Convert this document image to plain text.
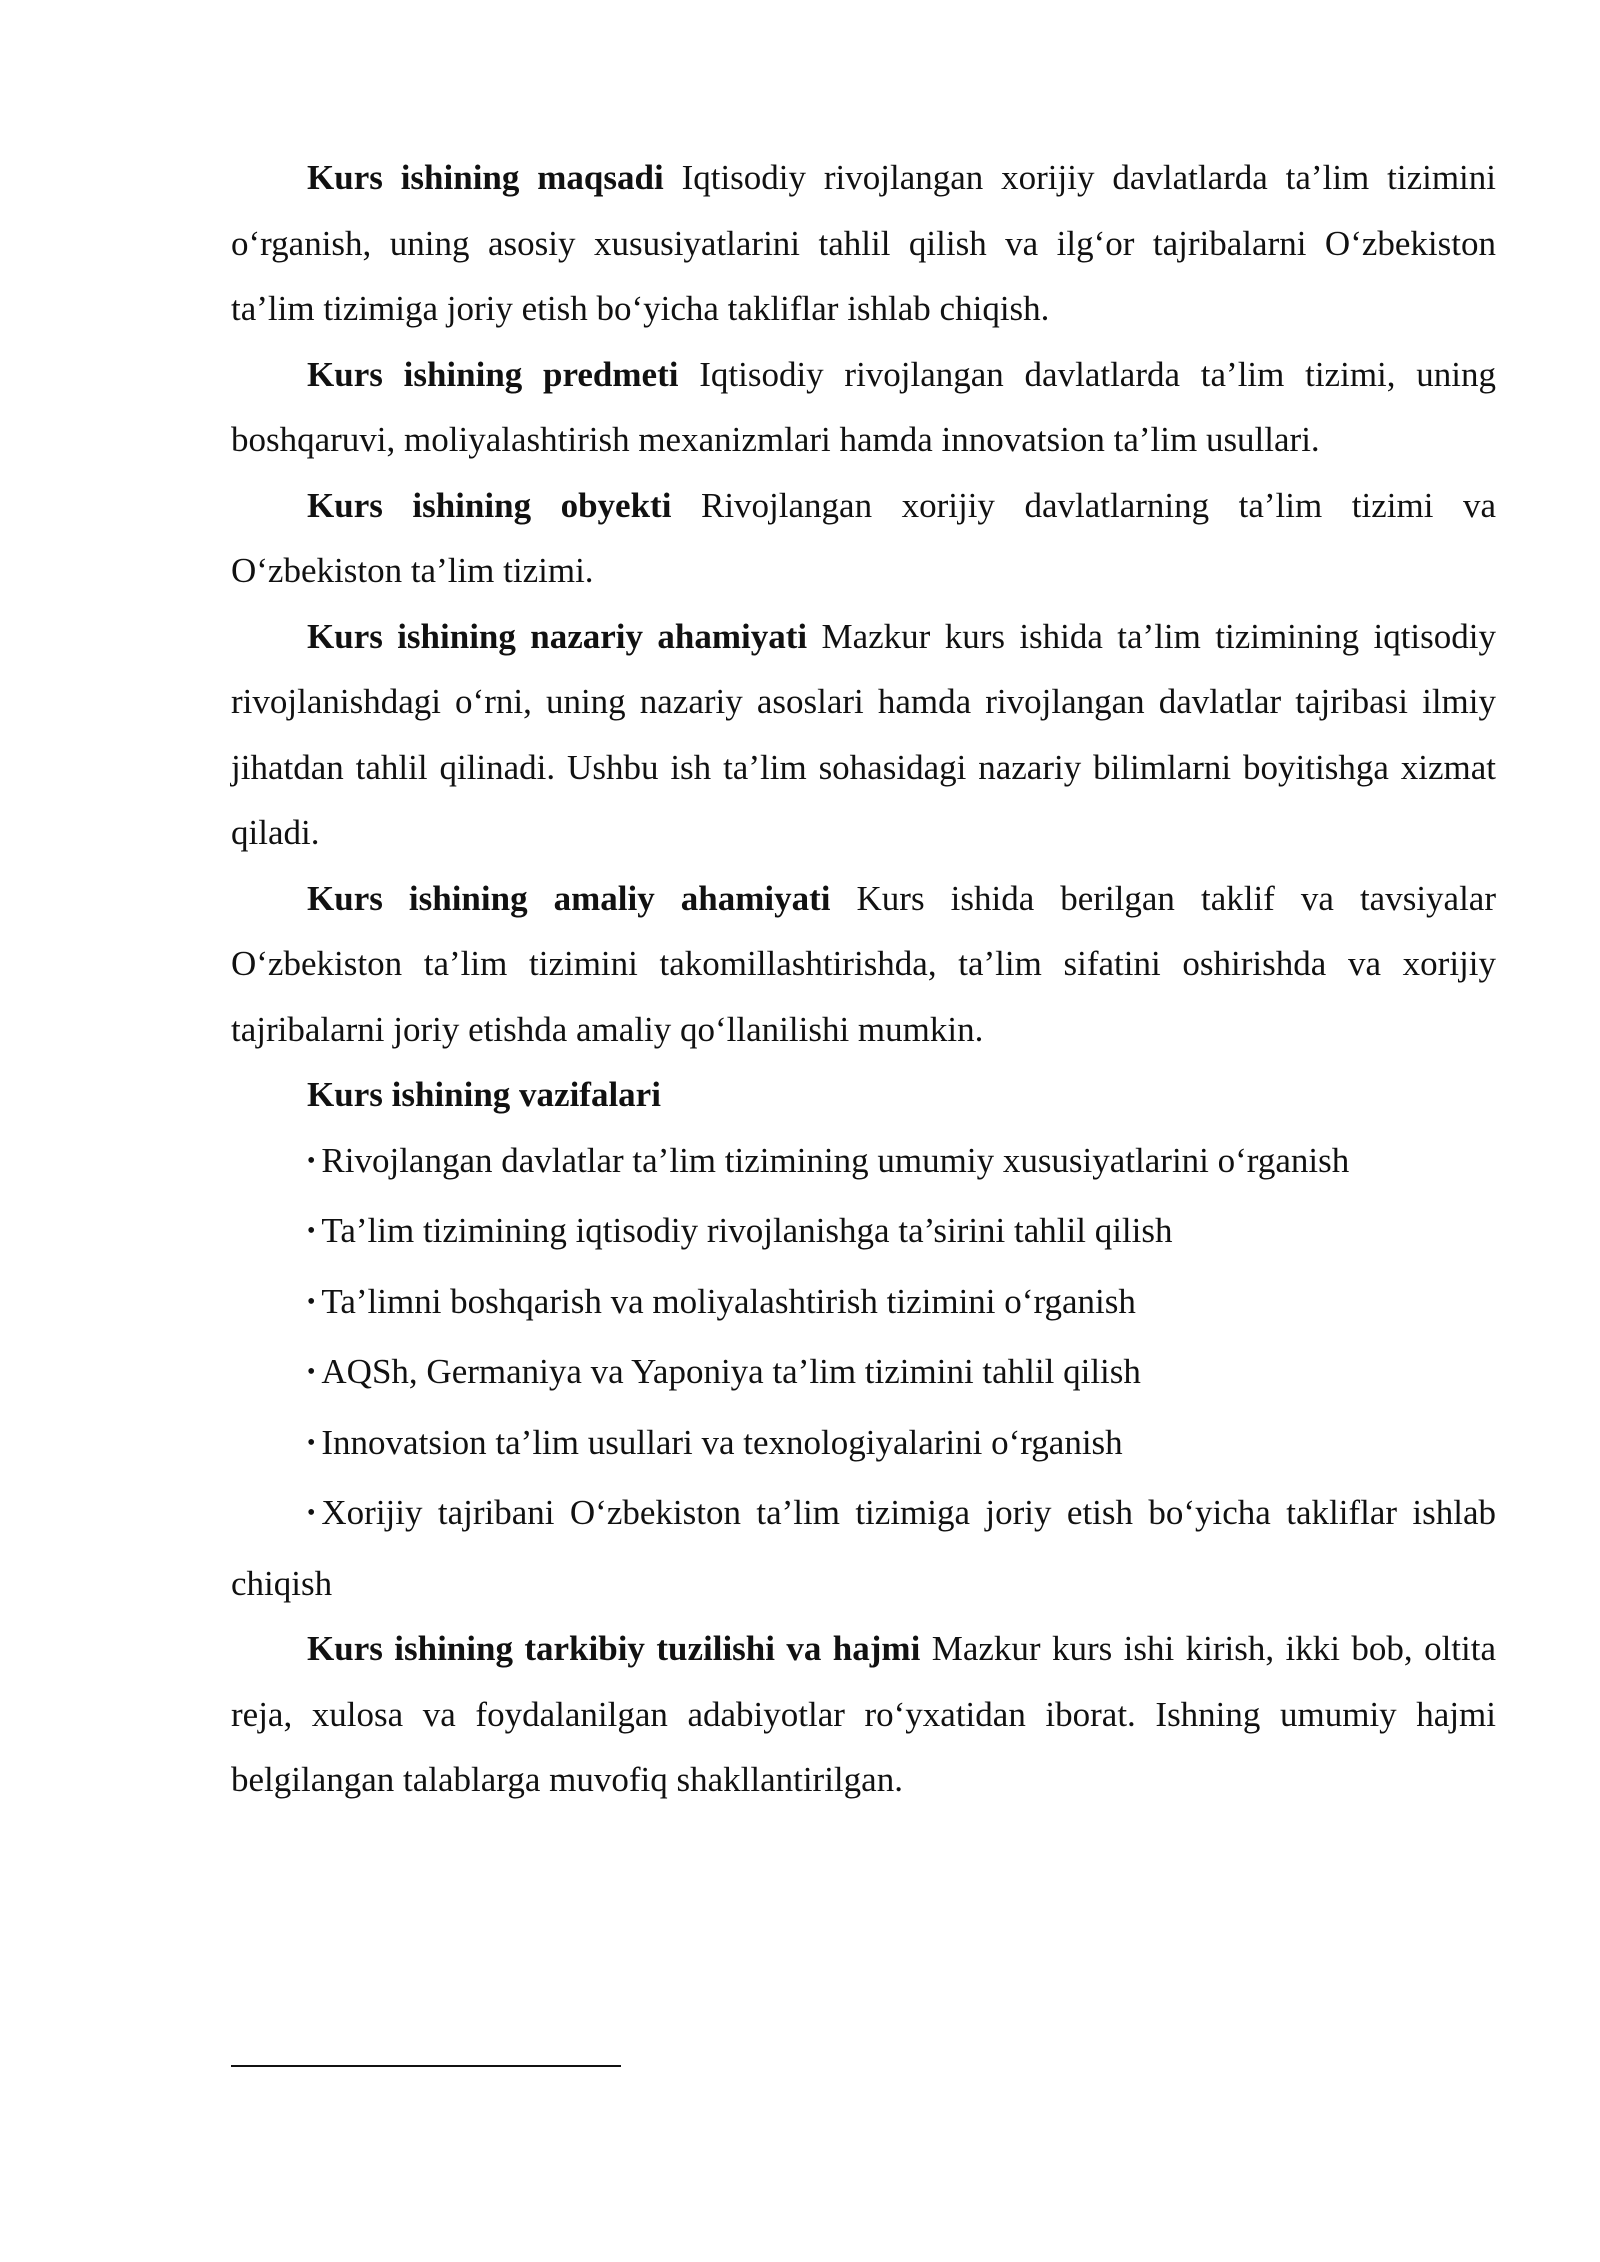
Kurs ishining maqsadi Iqtisodiy rivojlangan xorijiy davlatlarda ta’lim tizimini o‘rganish, uning asosiy xususiyatlarini tahlil qilish va ilg‘or tajribalarni O‘zbekiston ta’lim tizimiga joriy etish bo‘yicha takliflar ishlab chiqish.

Kurs ishining predmeti Iqtisodiy rivojlangan davlatlarda ta’lim tizimi, uning boshqaruvi, moliyalashtirish mexanizmlari hamda innovatsion ta’lim usullari.

Kurs ishining obyekti Rivojlangan xorijiy davlatlarning ta’lim tizimi va O‘zbekiston ta’lim tizimi.

Kurs ishining nazariy ahamiyati Mazkur kurs ishida ta’lim tizimining iqtisodiy rivojlanishdagi o‘rni, uning nazariy asoslari hamda rivojlangan davlatlar tajribasi ilmiy jihatdan tahlil qilinadi. Ushbu ish ta’lim sohasidagi nazariy bilimlarni boyitishga xizmat qiladi.

Kurs ishining amaliy ahamiyati Kurs ishida berilgan taklif va tavsiyalar O‘zbekiston ta’lim tizimini takomillashtirishda, ta’lim sifatini oshirishda va xorijiy tajribalarni joriy etishda amaliy qo‘llanilishi mumkin.

Kurs ishining vazifalari

• Rivojlangan davlatlar ta’lim tizimining umumiy xususiyatlarini o‘rganish

• Ta’lim tizimining iqtisodiy rivojlanishga ta’sirini tahlil qilish

• Ta’limni boshqarish va moliyalashtirish tizimini o‘rganish

• AQSh, Germaniya va Yaponiya ta’lim tizimini tahlil qilish

• Innovatsion ta’lim usullari va texnologiyalarini o‘rganish

• Xorijiy tajribani O‘zbekiston ta’lim tizimiga joriy etish bo‘yicha takliflar ishlab chiqish

Kurs ishining tarkibiy tuzilishi va hajmi Mazkur kurs ishi kirish, ikki bob, oltita reja, xulosa va foydalanilgan adabiyotlar ro‘yxatidan iborat. Ishning umumiy hajmi belgilangan talablarga muvofiq shakllantirilgan.
